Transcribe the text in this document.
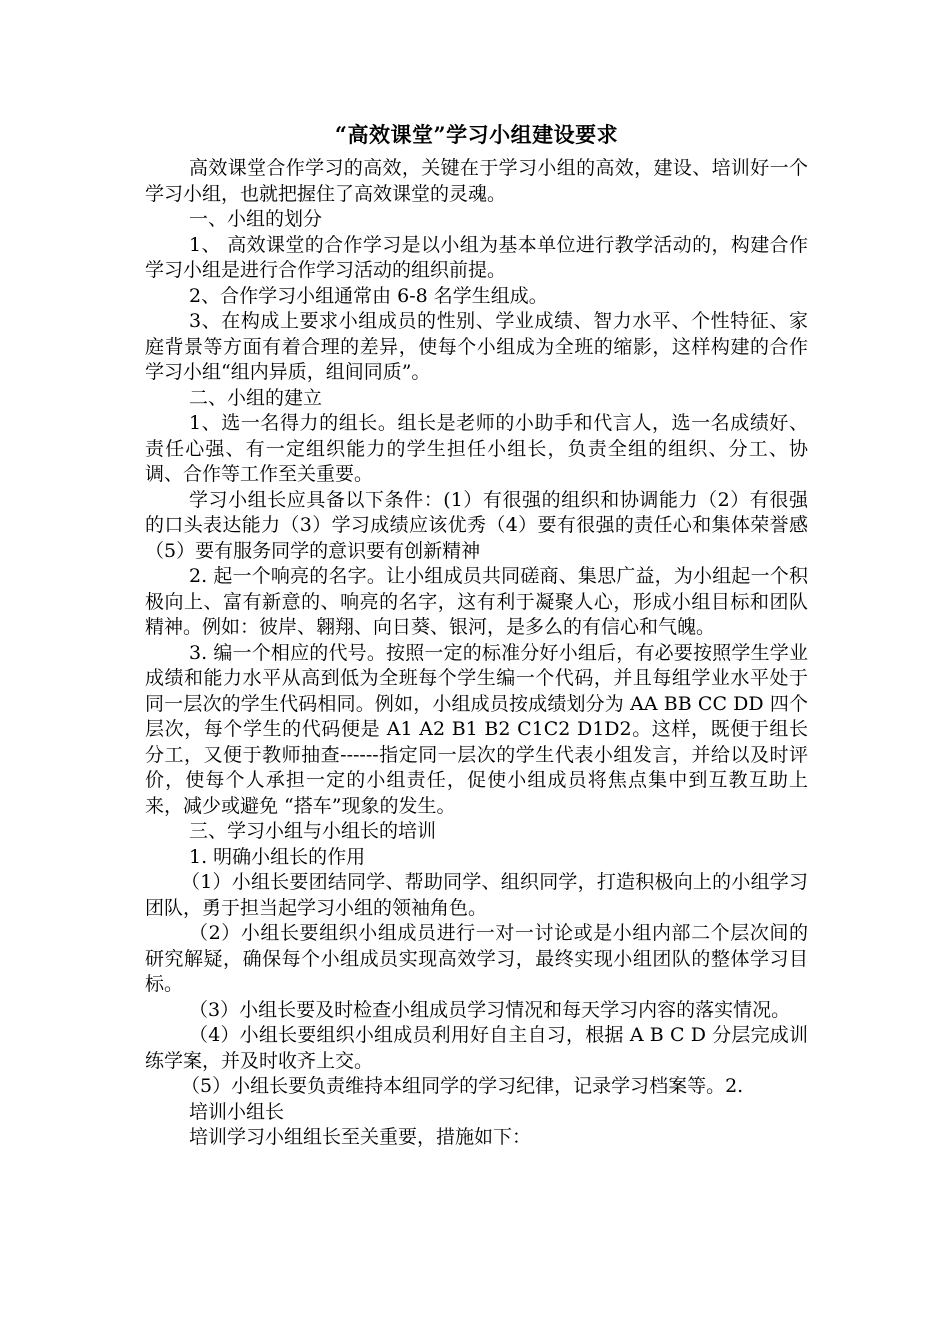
“高效课堂”学习小组建设要求

高效课堂合作学习的高效，关键在于学习小组的高效，建设、培训好一个学习小组，也就把握住了高效课堂的灵魂。

一、小组的划分

1、 高效课堂的合作学习是以小组为基本单位进行教学活动的，构建合作学习小组是进行合作学习活动的组织前提。

2、合作学习小组通常由 6-8 名学生组成。

3、在构成上要求小组成员的性别、学业成绩、智力水平、个性特征、家庭背景等方面有着合理的差异，使每个小组成为全班的缩影，这样构建的合作学习小组“组内异质，组间同质”。

二、小组的建立

1、选一名得力的组长。组长是老师的小助手和代言人，选一名成绩好、责任心强、有一定组织能力的学生担任小组长，负责全组的组织、分工、协调、合作等工作至关重要。

学习小组长应具备以下条件：(1）有很强的组织和协调能力（2）有很强的口头表达能力（3）学习成绩应该优秀（4）要有很强的责任心和集体荣誉感（5）要有服务同学的意识要有创新精神

2. 起一个响亮的名字。让小组成员共同磋商、集思广益，为小组起一个积极向上、富有新意的、响亮的名字，这有利于凝聚人心，形成小组目标和团队精神。例如：彼岸、翱翔、向日葵、银河，是多么的有信心和气魄。

3. 编一个相应的代号。按照一定的标准分好小组后，有必要按照学生学业成绩和能力水平从高到低为全班每个学生编一个代码，并且每组学业水平处于同一层次的学生代码相同。例如，小组成员按成绩划分为 AA BB CC DD 四个层次，每个学生的代码便是 A1 A2 B1 B2 C1C2 D1D2。这样，既便于组长分工，又便于教师抽查------指定同一层次的学生代表小组发言，并给以及时评价，使每个人承担一定的小组责任，促使小组成员将焦点集中到互教互助上来，减少或避免 “搭车”现象的发生。

三、学习小组与小组长的培训

1. 明确小组长的作用

（1）小组长要团结同学、帮助同学、组织同学，打造积极向上的小组学习团队，勇于担当起学习小组的领袖角色。

（2）小组长要组织小组成员进行一对一讨论或是小组内部二个层次间的研究解疑，确保每个小组成员实现高效学习，最终实现小组团队的整体学习目标。

（3）小组长要及时检查小组成员学习情况和每天学习内容的落实情况。

（4）小组长要组织小组成员利用好自主自习，根据 A B C D 分层完成训练学案，并及时收齐上交。

（5）小组长要负责维持本组同学的学习纪律，记录学习档案等。2.

培训小组长

培训学习小组组长至关重要，措施如下：
